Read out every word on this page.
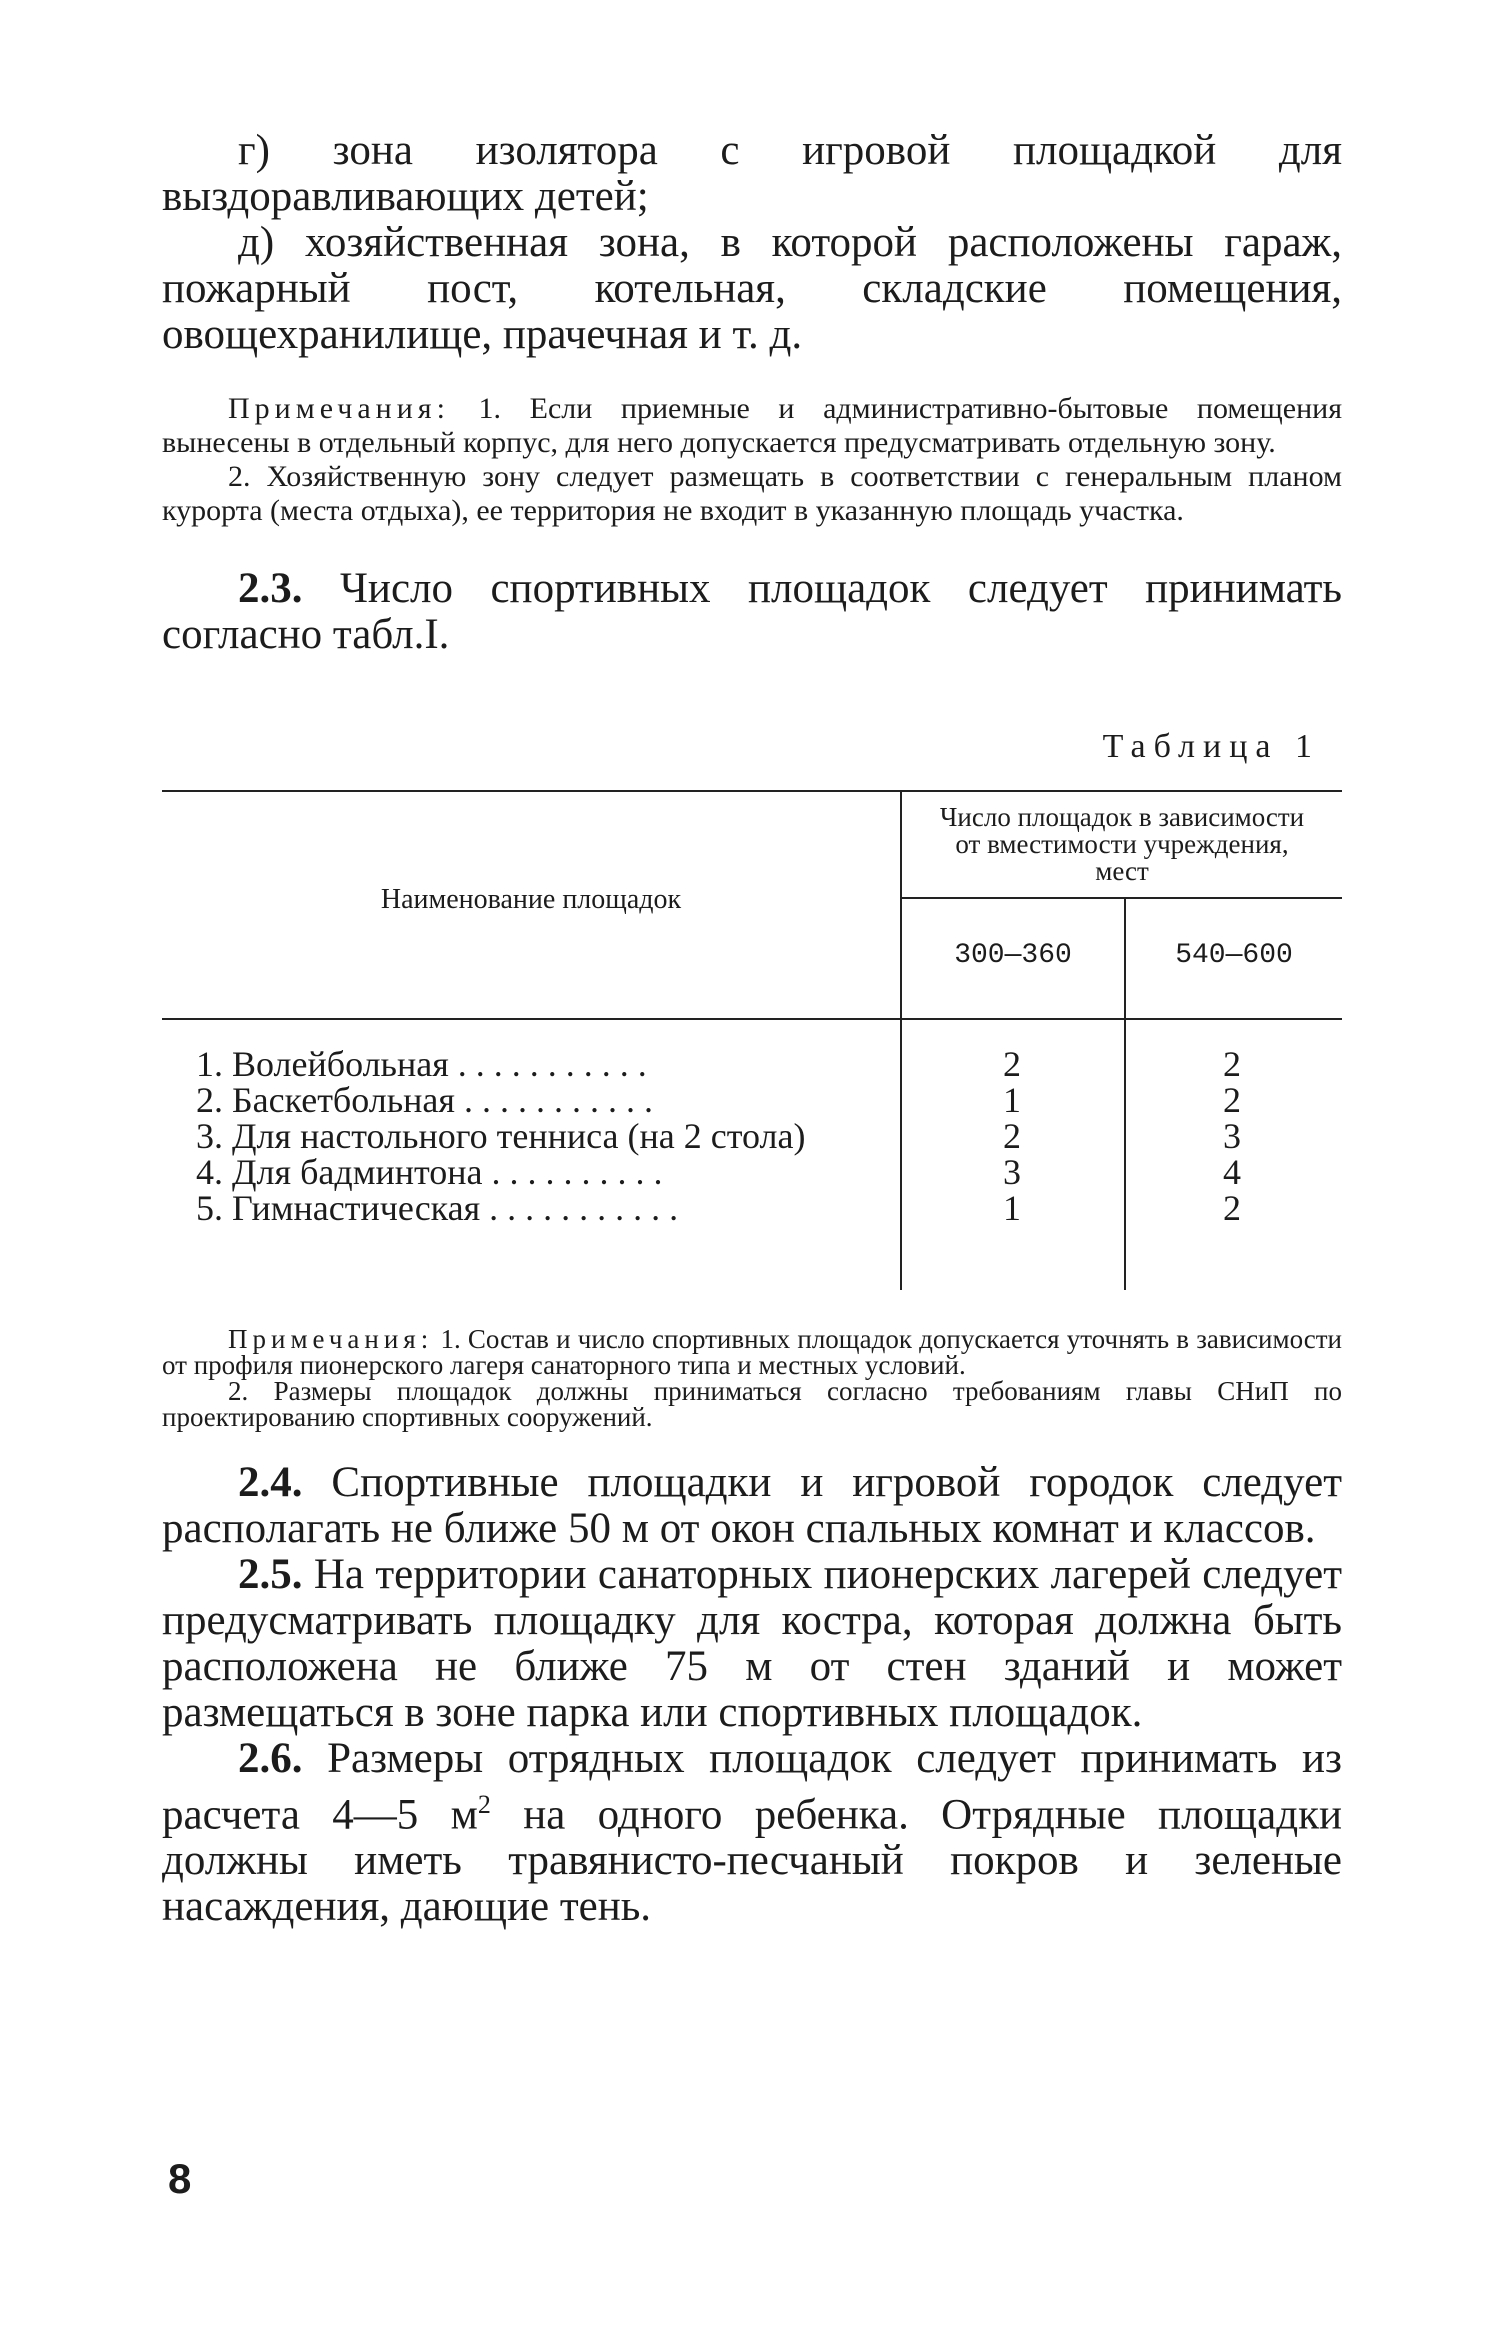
г) зона изолятора с игровой площадкой для выздоравливающих детей;

д) хозяйственная зона, в которой расположены гараж, пожарный пост, котельная, складские помещения, овощехранилище, прачечная и т. д.

Примечания: 1. Если приемные и административно-бытовые помещения вынесены в отдельный корпус, для него допускается предусматривать отдельную зону.

2. Хозяйственную зону следует размещать в соответствии с генеральным планом курорта (места отдыха), ее территория не входит в указанную площадь участка.

2.3. Число спортивных площадок следует принимать согласно табл.I.

Таблица 1
Наименование площадок
Число площадок в зависимости
от вместимости учреждения,
мест
300—360	540—600
1. Волейбольная . . . . . . . . . . .	2	2
2. Баскетбольная . . . . . . . . . . .	1	2
3. Для настольного тенниса (на 2 стола)	2	3
4. Для бадминтона . . . . . . . . . .	3	4
5. Гимнастическая . . . . . . . . . . .	1	2

Примечания: 1. Состав и число спортивных площадок допускается уточнять в зависимости от профиля пионерского лагеря санаторного типа и местных условий.

2. Размеры площадок должны приниматься согласно требованиям главы СНиП по проектированию спортивных сооружений.

2.4. Спортивные площадки и игровой городок следует располагать не ближе 50 м от окон спальных комнат и классов.

2.5. На территории санаторных пионерских лагерей следует предусматривать площадку для костра, которая должна быть расположена не ближе 75 м от стен зданий и может размещаться в зоне парка или спортивных площадок.

2.6. Размеры отрядных площадок следует принимать из расчета 4—5 $м^2$ на одного ребенка. Отрядные площадки должны иметь травянисто-песчаный покров и зеленые насаждения, дающие тень.

8
